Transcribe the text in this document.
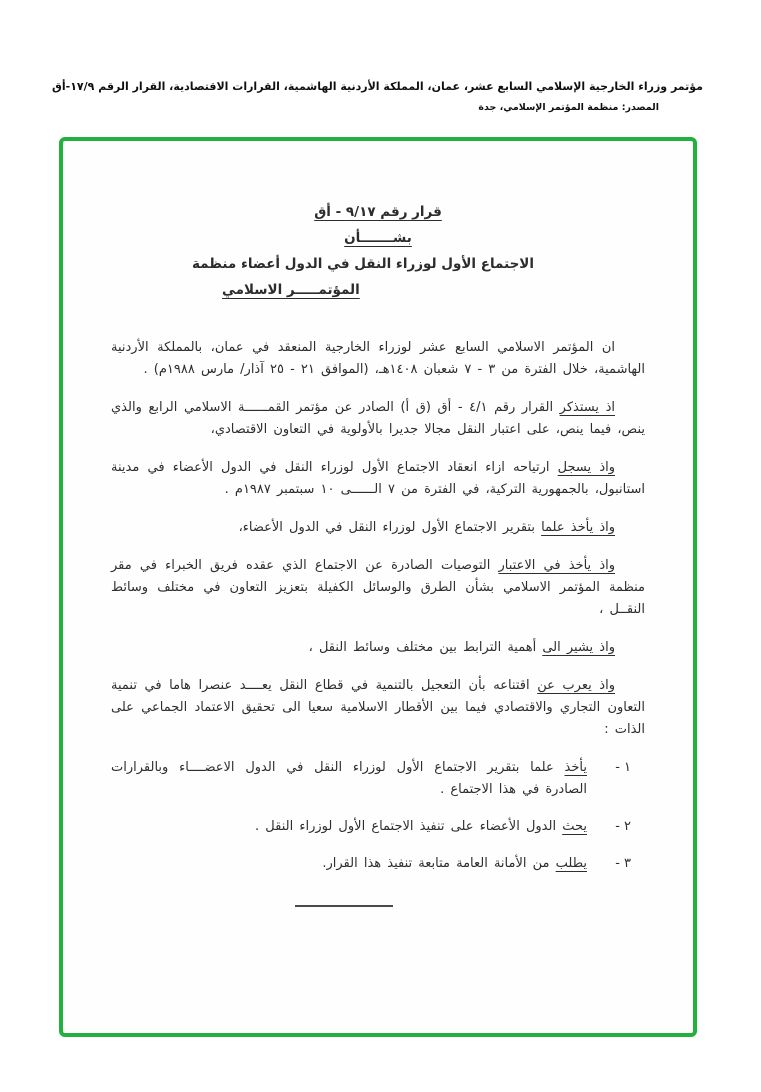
مؤتمر وزراء الخارجية الإسلامي السابع عشر، عمان، المملكة الأردنية الهاشمية، القرارات الاقتصادية، القرار الرقم ١٧/٩-أق
المصدر: منظمة المؤتمر الإسلامي، جدة
قرار رقم ٩/١٧ - أق
بشـــــــأن
الاجتماع الأول لوزراء النقل في الدول أعضاء منظمة
المؤتمـــــر الاسلامي

ان المؤتمر الاسلامي السابع عشر لوزراء الخارجية المنعقد في عمان، بالمملكة الأردنية الهاشمية، خلال الفترة من ٣ - ٧ شعبان ١٤٠٨هـ، (الموافق ٢١ - ٢٥ آذار/ مارس ١٩٨٨م) .

اذ يستذكر القرار رقم ٤/١ - أق (ق أ) الصادر عن مؤتمر القمــــــة الاسلامي الرابع والذي ينص، فيما ينص، على اعتبار النقل مجالا جديرا بالأولوية في التعاون الاقتصادي،

واذ يسجل ارتياحه ازاء انعقاد الاجتماع الأول لوزراء النقل في الدول الأعضاء في مدينة استانبول، بالجمهورية التركية، في الفترة من ٧ الــــــى ١٠ سبتمبر ١٩٨٧م .

واذ يأخذ علما بتقرير الاجتماع الأول لوزراء النقل في الدول الأعضاء،

واذ يأخذ في الاعتبار التوصيات الصادرة عن الاجتماع الذي عقده فريق الخبراء في مقر منظمة المؤتمر الاسلامي بشأن الطرق والوسائل الكفيلة بتعزيز التعاون في مختلف وسائط النقــل ،

واذ يشير الى أهمية الترابط بين مختلف وسائط النقل ،

واذ يعرب عن اقتناعه بأن التعجيل بالتنمية في قطاع النقل يعــــد عنصرا هاما في تنمية التعاون التجاري والاقتصادي فيما بين الأقطار الاسلامية سعيا الى تحقيق الاعتماد الجماعي على الذات :

١ -
يأخذ علما بتقرير الاجتماع الأول لوزراء النقل في الدول الاعضــــاء وبالقرارات الصادرة في هذا الاجتماع .
٢ -
يحث الدول الأعضاء على تنفيذ الاجتماع الأول لوزراء النقل .
٣ -
يطلب من الأمانة العامة متابعة تنفيذ هذا القرار.
